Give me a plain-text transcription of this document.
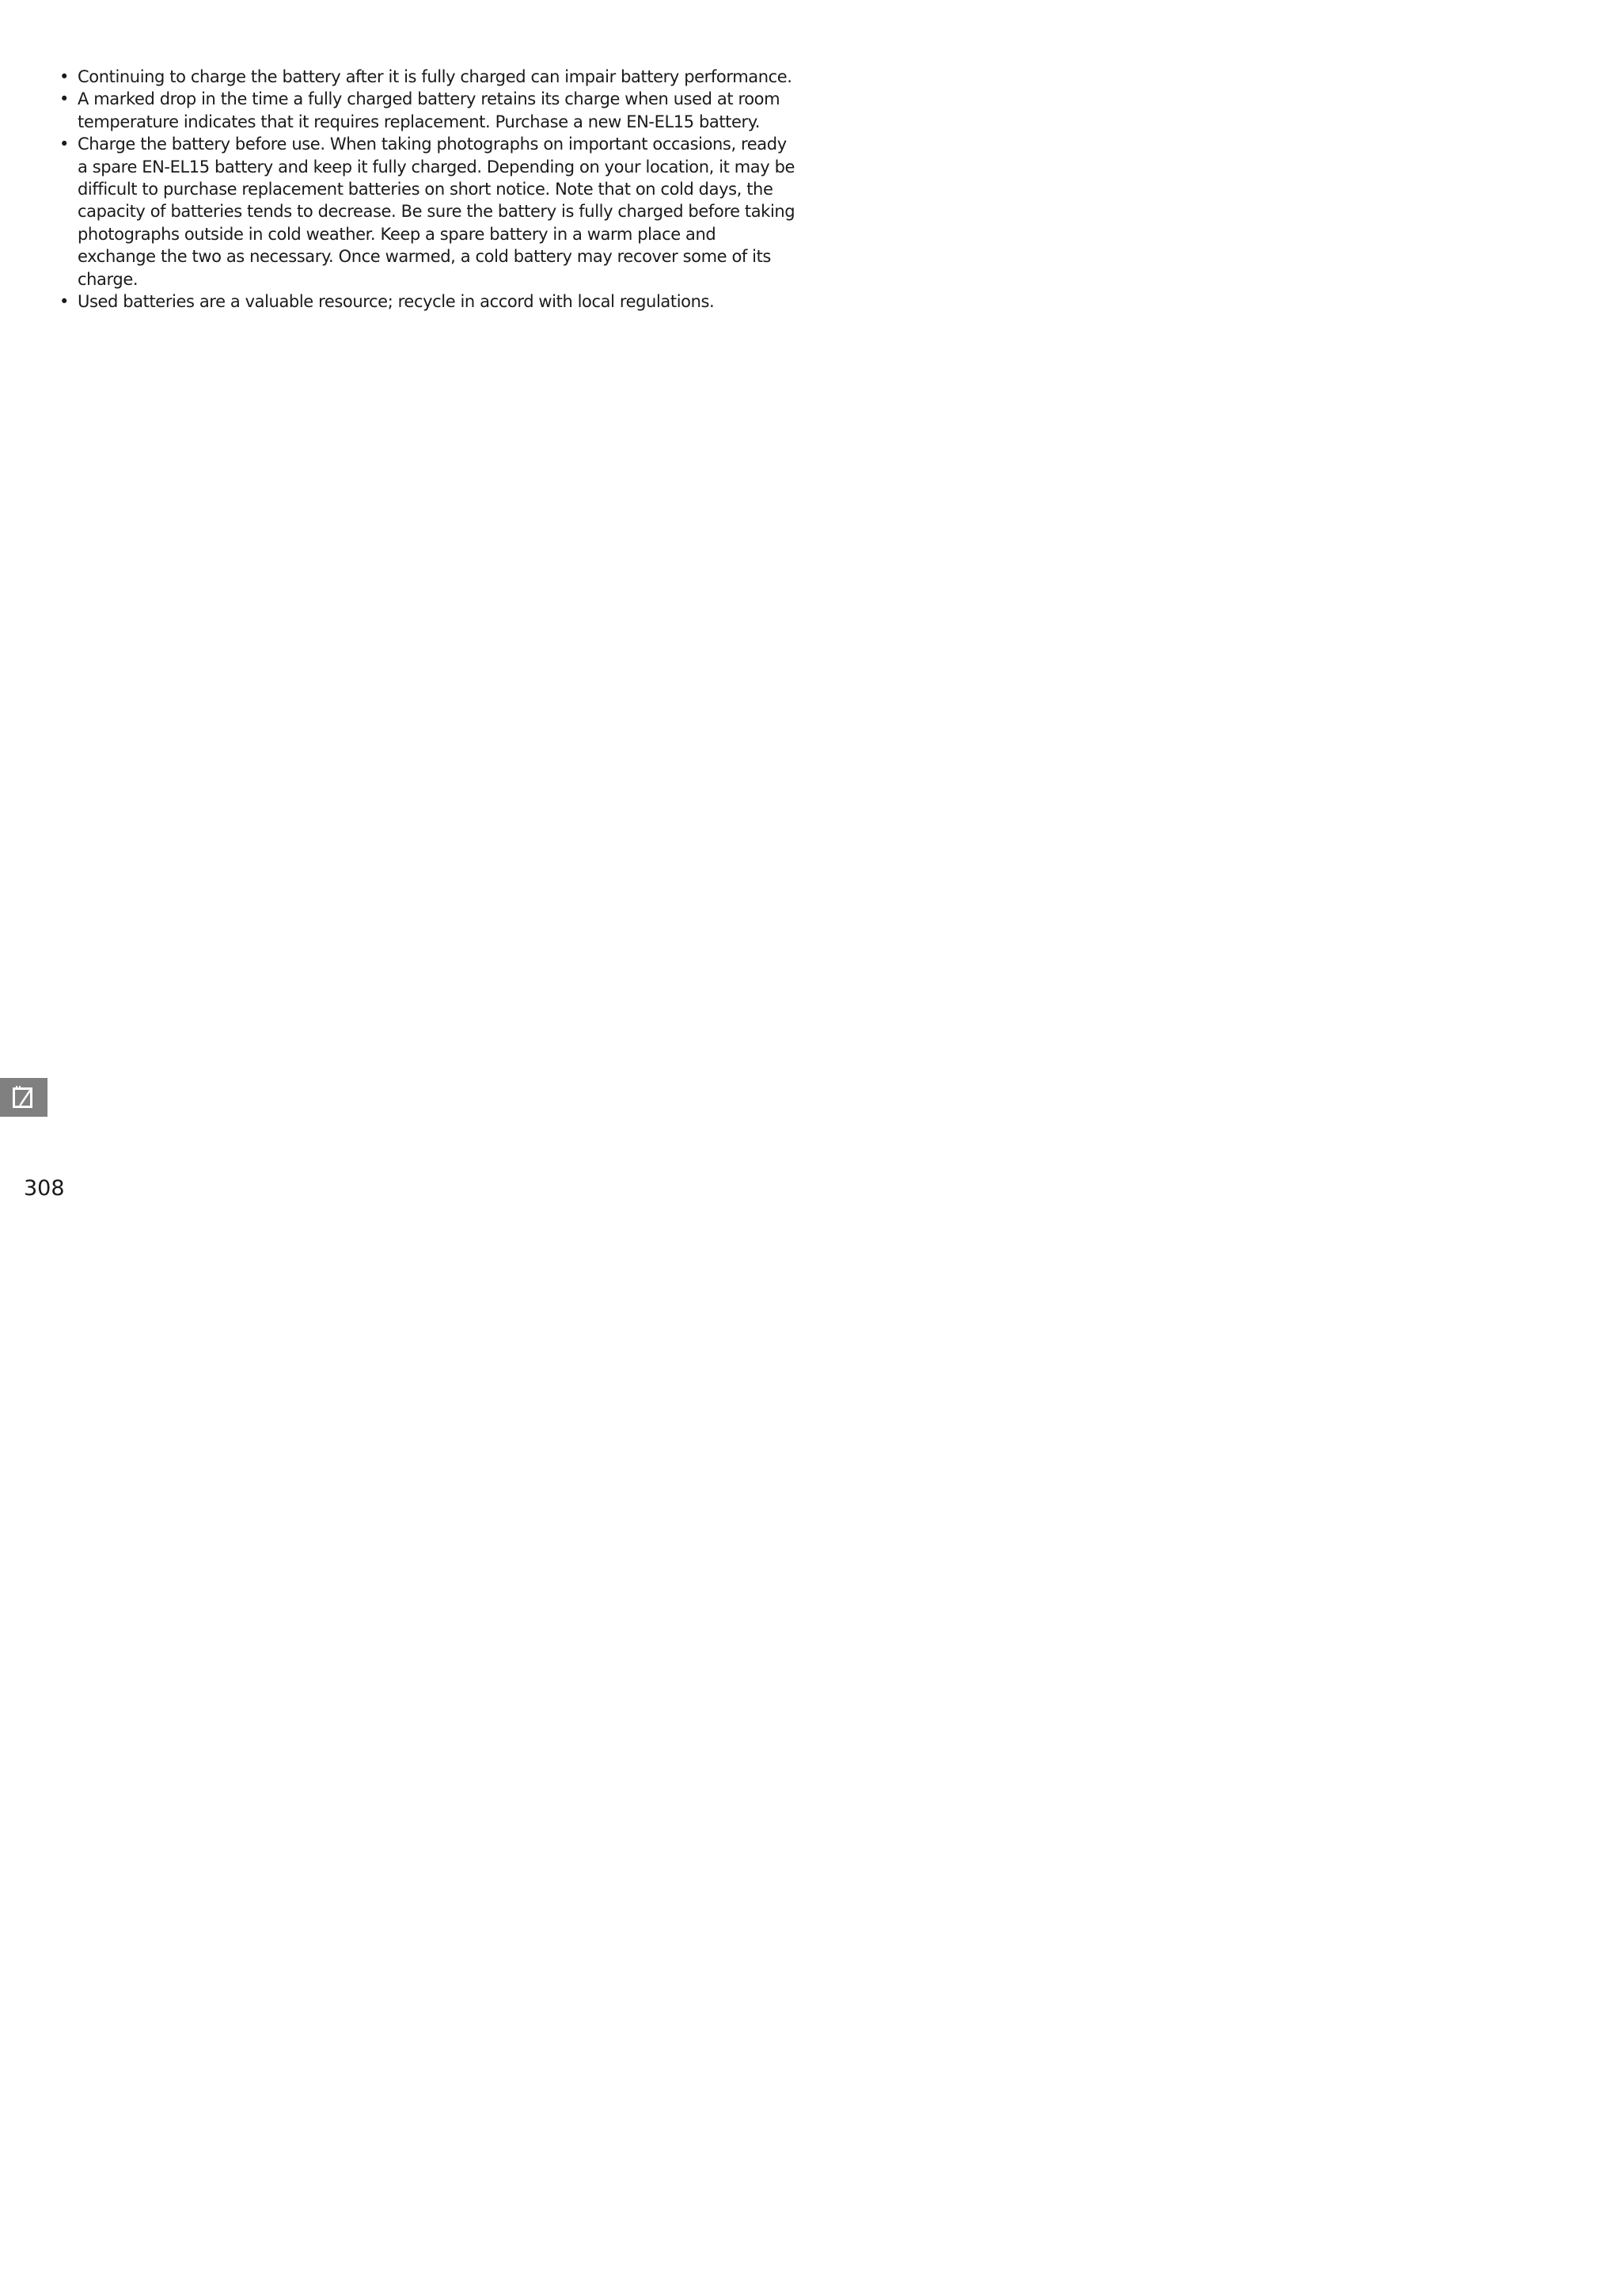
• Continuing to charge the battery after it is fully charged can impair battery performance.
• A marked drop in the time a fully charged battery retains its charge when used at room temperature indicates that it requires replacement. Purchase a new EN-EL15 battery.
• Charge the battery before use. When taking photographs on important occasions, ready a spare EN-EL15 battery and keep it fully charged. Depending on your location, it may be difficult to purchase replacement batteries on short notice. Note that on cold days, the capacity of batteries tends to decrease. Be sure the battery is fully charged before taking photographs outside in cold weather. Keep a spare battery in a warm place and exchange the two as necessary. Once warmed, a cold battery may recover some of its charge.
• Used batteries are a valuable resource; recycle in accord with local regulations.
308
